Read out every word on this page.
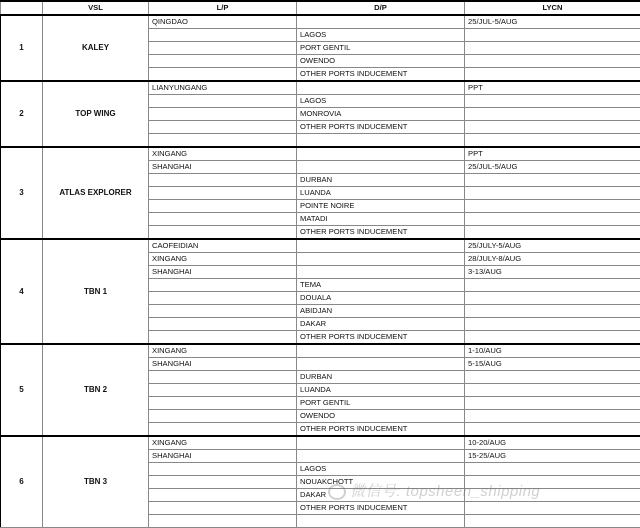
	VSL	L/P	D/P	LYCN
1	KALEY	QINGDAO		25/JUL-5/AUG
			LAGOS	
			PORT GENTIL	
			OWENDO	
			OTHER PORTS INDUCEMENT	
2	TOP WING	LIANYUNGANG		PPT
			LAGOS	
			MONROVIA	
			OTHER PORTS INDUCEMENT	

3	ATLAS EXPLORER	XINGANG		PPT
		SHANGHAI		25/JUL-5/AUG
			DURBAN	
			LUANDA	
			POINTE NOIRE	
			MATADI	
			OTHER PORTS INDUCEMENT	
4	TBN 1	CAOFEIDIAN		25/JULY-5/AUG
		XINGANG		28/JULY-8/AUG
		SHANGHAI		3-13/AUG
			TEMA	
			DOUALA	
			ABIDJAN	
			DAKAR	
			OTHER PORTS INDUCEMENT	
5	TBN 2	XINGANG		1-10/AUG
		SHANGHAI		5-15/AUG
			DURBAN	
			LUANDA	
			PORT GENTIL	
			OWENDO	
			OTHER PORTS INDUCEMENT	
6	TBN 3	XINGANG		10-20/AUG
		SHANGHAI		15-25/AUG
			LAGOS	
			NOUAKCHOTT	
			DAKAR	
			OTHER PORTS INDUCEMENT	

微信号: topsheen_shipping
